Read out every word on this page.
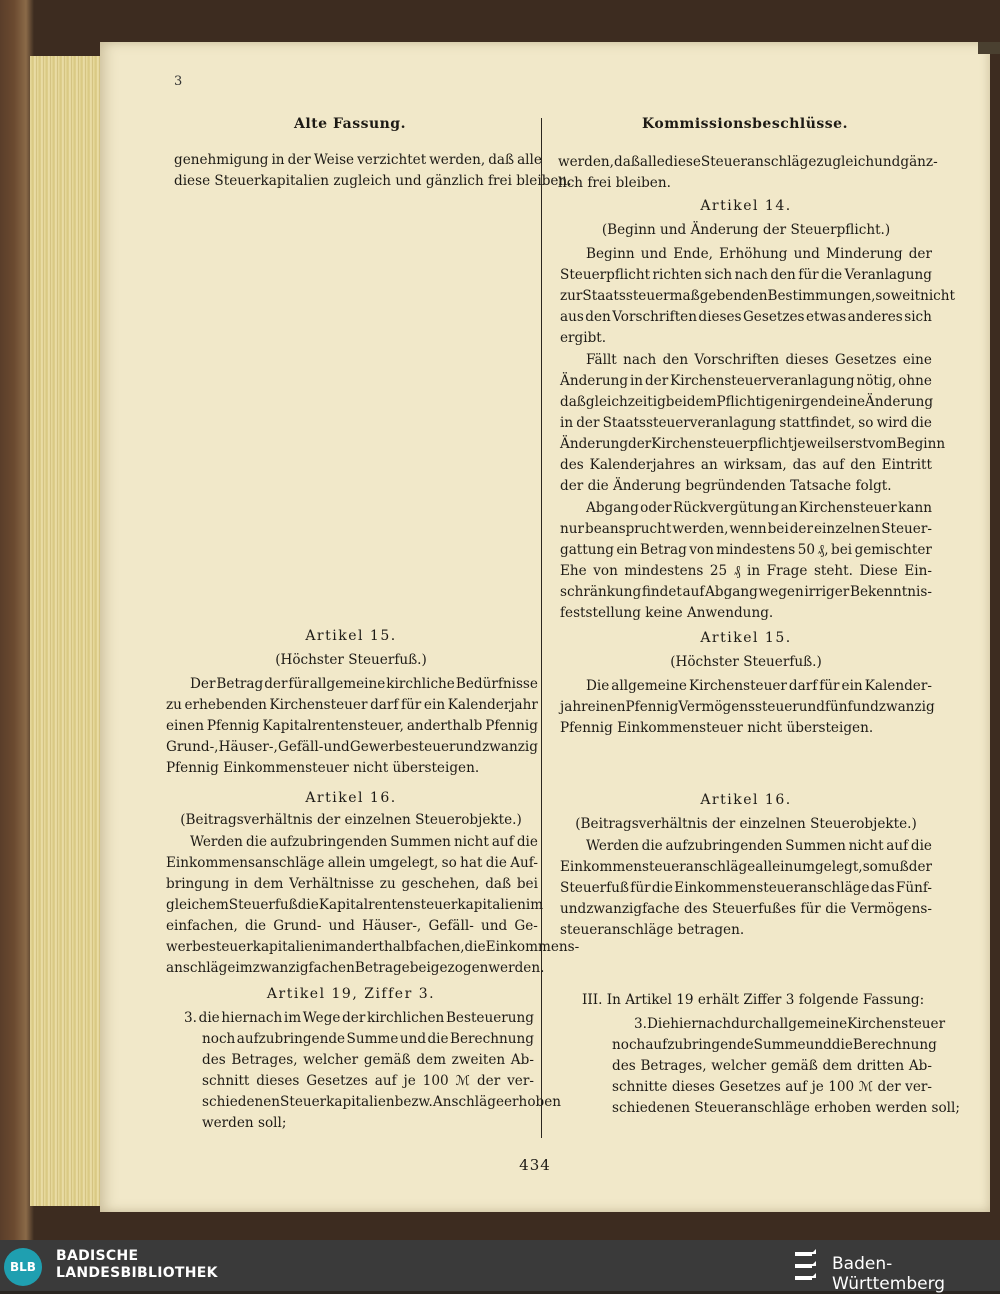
3
Alte Fassung.	Kommissionsbeschlüsse.
genehmigung in der Weise verzichtet werden, daß alle
diese Steuerkapitalien zugleich und gänzlich frei bleiben.
Artikel 15.
(Höchster Steuerfuß.)
Der Betrag der für allgemeine kirchliche Bedürfnisse
zu erhebenden Kirchensteuer darf für ein Kalenderjahr
einen Pfennig Kapitalrentensteuer, anderthalb Pfennig
Grund-, Häuser-, Gefäll- und Gewerbesteuer und zwanzig
Pfennig Einkommensteuer nicht übersteigen.
Artikel 16.
(Beitragsverhältnis der einzelnen Steuerobjekte.)
Werden die aufzubringenden Summen nicht auf die
Einkommensanschläge allein umgelegt, so hat die Auf-
bringung in dem Verhältnisse zu geschehen, daß bei
gleichem Steuerfuß die Kapitalrentensteuerkapitalien im
einfachen, die Grund- und Häuser-, Gefäll- und Ge-
werbesteuerkapitalien im anderthalbfachen, die Einkommens-
anschläge im zwanzigfachen Betrage beigezogen werden.
Artikel 19, Ziffer 3.
3. die hiernach im Wege der kirchlichen Besteuerung
noch aufzubringende Summe und die Berechnung
des Betrages, welcher gemäß dem zweiten Ab-
schnitt dieses Gesetzes auf je 100 ℳ der ver-
schiedenen Steuerkapitalien bezw. Anschläge erhoben
werden soll;
werden, daß alle diese Steueranschläge zugleich und gänz-
lich frei bleiben.
Artikel 14.
(Beginn und Änderung der Steuerpflicht.)
Beginn und Ende, Erhöhung und Minderung der
Steuerpflicht richten sich nach den für die Veranlagung
zur Staatssteuer maßgebenden Bestimmungen, soweit nicht
aus den Vorschriften dieses Gesetzes etwas anderes sich
ergibt.
Fällt nach den Vorschriften dieses Gesetzes eine
Änderung in der Kirchensteuerveranlagung nötig, ohne
daß gleichzeitig bei dem Pflichtigen irgend eine Änderung
in der Staatssteuerveranlagung stattfindet, so wird die
Änderung der Kirchensteuerpflicht jeweils erst vom Beginn
des Kalenderjahres an wirksam, das auf den Eintritt
der die Änderung begründenden Tatsache folgt.
Abgang oder Rückvergütung an Kirchensteuer kann
nur beansprucht werden, wenn bei der einzelnen Steuer-
gattung ein Betrag von mindestens 50 ₰, bei gemischter
Ehe von mindestens 25 ₰ in Frage steht. Diese Ein-
schränkung findet auf Abgang wegen irriger Bekenntnis-
feststellung keine Anwendung.
Artikel 15.
(Höchster Steuerfuß.)
Die allgemeine Kirchensteuer darf für ein Kalender-
jahr einen Pfennig Vermögenssteuer und fünfundzwanzig
Pfennig Einkommensteuer nicht übersteigen.
Artikel 16.
(Beitragsverhältnis der einzelnen Steuerobjekte.)
Werden die aufzubringenden Summen nicht auf die
Einkommensteueranschläge allein umgelegt, so muß der
Steuerfuß für die Einkommensteueranschläge das Fünf-
undzwanzigfache des Steuerfußes für die Vermögens-
steueranschläge betragen.
III. In Artikel 19 erhält Ziffer 3 folgende Fassung:
3. Die hiernach durch allgemeine Kirchensteuer
noch aufzubringende Summe und die Berechnung
des Betrages, welcher gemäß dem dritten Ab-
schnitte dieses Gesetzes auf je 100 ℳ der ver-
schiedenen Steueranschläge erhoben werden soll;
434
BLB
BADISCHE
LANDESBIBLIOTHEK	Baden-Württemberg
